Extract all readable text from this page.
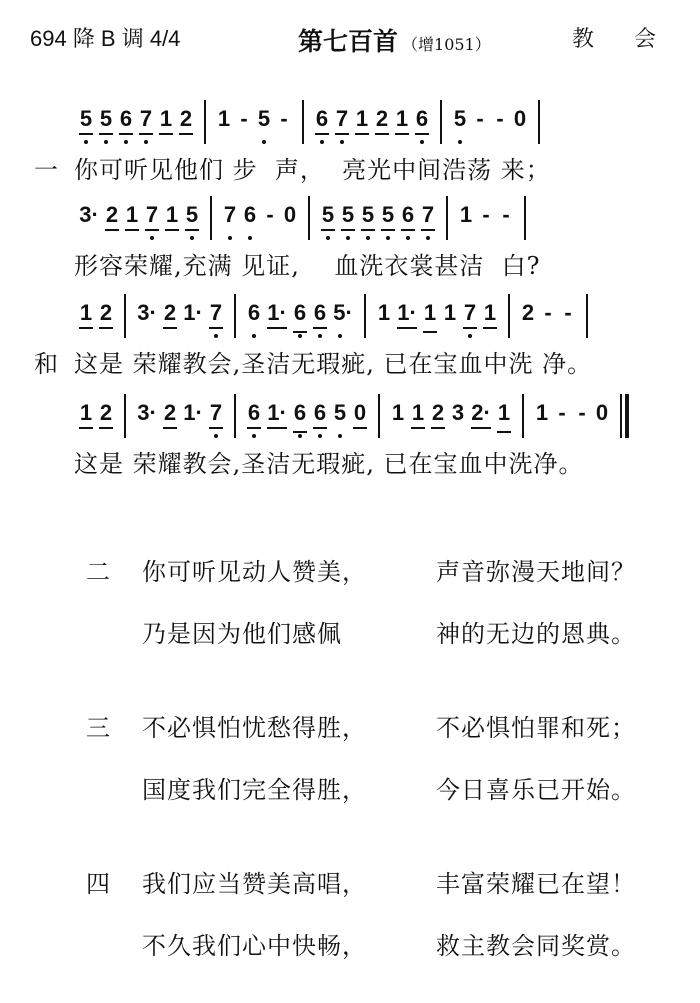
694 降 B 调 4/4	第七百首 （增1051）	教会
5 5 6 7 1 2 1 - 5 - 6 7 1 2 1 6 5 - - 0
一 你可听见他们 步  声，  亮光中间浩荡 来；
3· 2 1 7 1 5 7 6 - 0 5 5 5 5 6 7 1 - -
形容荣耀,充满 见证,    血洗衣裳甚洁  白?
1 2 3· 2 1· 7 6 1· 6 6 5· 1 1· 1 1 7 1 2 - -
和 这是 荣耀教会,圣洁无瑕疵, 已在宝血中洗 净。
1 2 3· 2 1· 7 6 1· 6 6 5 0 1 1 2 3 2· 1 1 - - 0
这是 荣耀教会,圣洁无瑕疵, 已在宝血中洗净。
二 你可听见动人赞美，	声音弥漫天地间？
乃是因为他们感佩	神的无边的恩典。
三 不必惧怕忧愁得胜，	不必惧怕罪和死；
国度我们完全得胜，	今日喜乐已开始。
四 我们应当赞美高唱，	丰富荣耀已在望！
不久我们心中快畅，	救主教会同奖赏。
